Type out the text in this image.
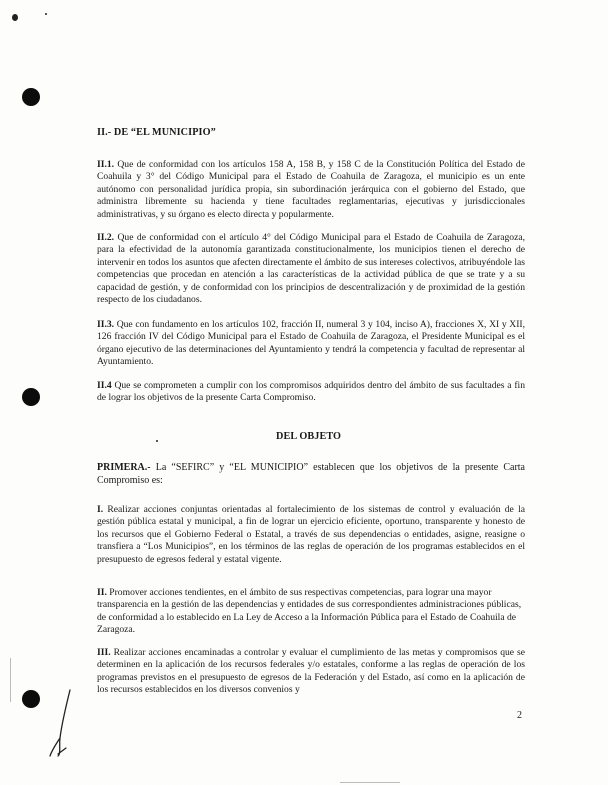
II.- DE “EL MUNICIPIO”

II.1. Que de conformidad con los artículos 158 A, 158 B, y 158 C de la Constitución Política del Estado de Coahuila y 3° del Código Municipal para el Estado de Coahuila de Zaragoza, el municipio es un ente autónomo con personalidad jurídica propia, sin subordinación jerárquica con el gobierno del Estado, que administra libremente su hacienda y tiene facultades reglamentarias, ejecutivas y jurisdiccionales administrativas, y su órgano es electo directa y popularmente.

II.2. Que de conformidad con el artículo 4° del Código Municipal para el Estado de Coahuila de Zaragoza, para la efectividad de la autonomía garantizada constitucionalmente, los municipios tienen el derecho de intervenir en todos los asuntos que afecten directamente el ámbito de sus intereses colectivos, atribuyéndole las competencias que procedan en atención a las características de la actividad pública de que se trate y a su capacidad de gestión, y de conformidad con los principios de descentralización y de proximidad de la gestión respecto de los ciudadanos.

II.3. Que con fundamento en los artículos 102, fracción II, numeral 3 y 104, inciso A), fracciones X, XI y XII, 126 fracción IV del Código Municipal para el Estado de Coahuila de Zaragoza, el Presidente Municipal es el órgano ejecutivo de las determinaciones del Ayuntamiento y tendrá la competencia y facultad de representar al Ayuntamiento.

II.4 Que se comprometen a cumplir con los compromisos adquiridos dentro del ámbito de sus facultades a fin de lograr los objetivos de la presente Carta Compromiso.

DEL OBJETO

PRIMERA.- La “SEFIRC” y “EL MUNICIPIO” establecen que los objetivos de la presente Carta Compromiso es:

I. Realizar acciones conjuntas orientadas al fortalecimiento de los sistemas de control y evaluación de la gestión pública estatal y municipal, a fin de lograr un ejercicio eficiente, oportuno, transparente y honesto de los recursos que el Gobierno Federal o Estatal, a través de sus dependencias o entidades, asigne, reasigne o transfiera a “Los Municipios”, en los términos de las reglas de operación de los programas establecidos en el presupuesto de egresos federal y estatal vigente.

II. Promover acciones tendientes, en el ámbito de sus respectivas competencias, para lograr una mayor transparencia en la gestión de las dependencias y entidades de sus correspondientes administraciones públicas, de conformidad a lo establecido en La Ley de Acceso a la Información Pública para el Estado de Coahuila de Zaragoza.

III. Realizar acciones encaminadas a controlar y evaluar el cumplimiento de las metas y compromisos que se determinen en la aplicación de los recursos federales y/o estatales, conforme a las reglas de operación de los programas previstos en el presupuesto de egresos de la Federación y del Estado, así como en la aplicación de los recursos establecidos en los diversos convenios y

2
